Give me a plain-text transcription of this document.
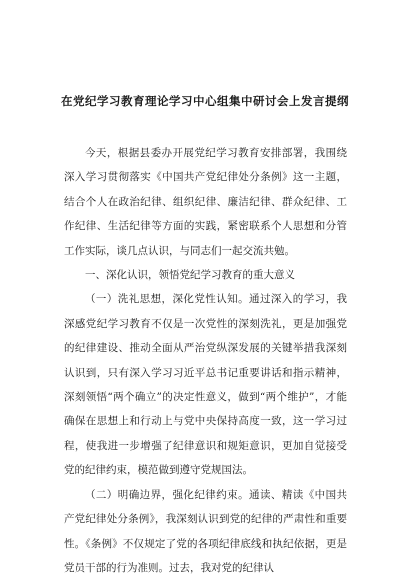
在党纪学习教育理论学习中心组集中研讨会上发言提纲

今天，根据县委办开展党纪学习教育安排部署，我围绕深入学习贯彻落实《中国共产党纪律处分条例》这一主题，结合个人在政治纪律、组织纪律、廉洁纪律、群众纪律、工作纪律、生活纪律等方面的实践，紧密联系个人思想和分管工作实际，谈几点认识，与同志们一起交流共勉。

一、深化认识，领悟党纪学习教育的重大意义

（一）洗礼思想，深化党性认知。通过深入的学习，我深感党纪学习教育不仅是一次党性的深刻洗礼，更是加强党的纪律建设、推动全面从严治党纵深发展的关键举措我深刻认识到，只有深入学习习近平总书记重要讲话和指示精神，深刻领悟“两个确立”的决定性意义，做到“两个维护”，才能确保在思想上和行动上与党中央保持高度一致，这一学习过程，使我进一步增强了纪律意识和规矩意识，更加自觉接受党的纪律约束，模范做到遵守党规国法。

（二）明确边界，强化纪律约束。通读、精读《中国共产党纪律处分条例》，我深刻认识到党的纪律的严肃性和重要性。《条例》不仅规定了党的各项纪律底线和执纪依据，更是党员干部的行为准则。过去，我对党的纪律认
